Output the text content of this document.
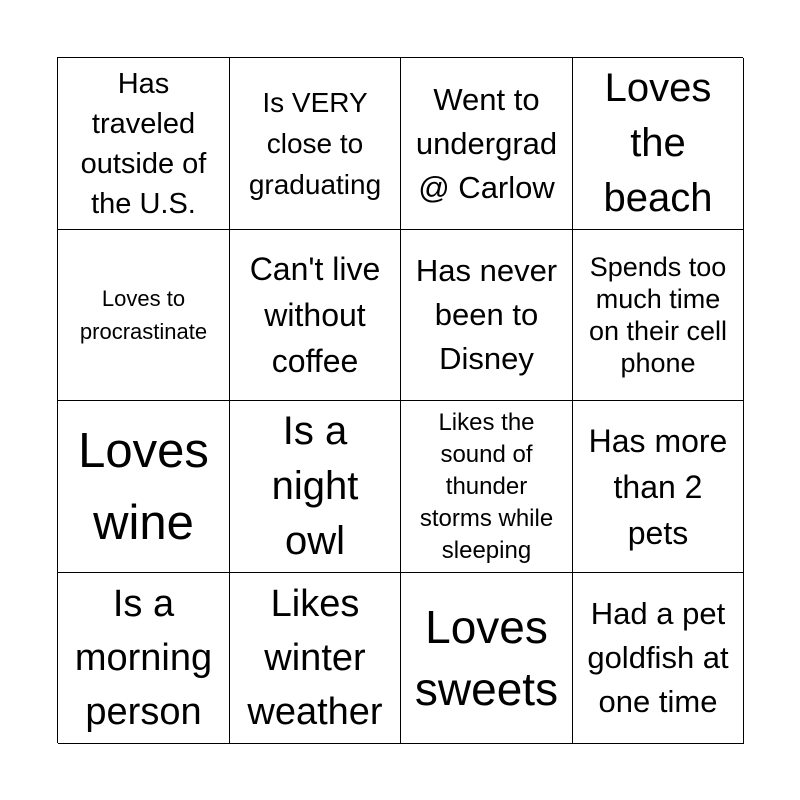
Has
traveled
outside of
the U.S.
Is VERY
close to
graduating
Went to
undergrad
@ Carlow
Loves
the
beach
Loves to
procrastinate
Can't live
without
coffee
Has never
been to
Disney
Spends too
much time
on their cell
phone
Loves
wine
Is a
night
owl
Likes the
sound of
thunder
storms while
sleeping
Has more
than 2
pets
Is a
morning
person
Likes
winter
weather
Loves
sweets
Had a pet
goldfish at
one time
